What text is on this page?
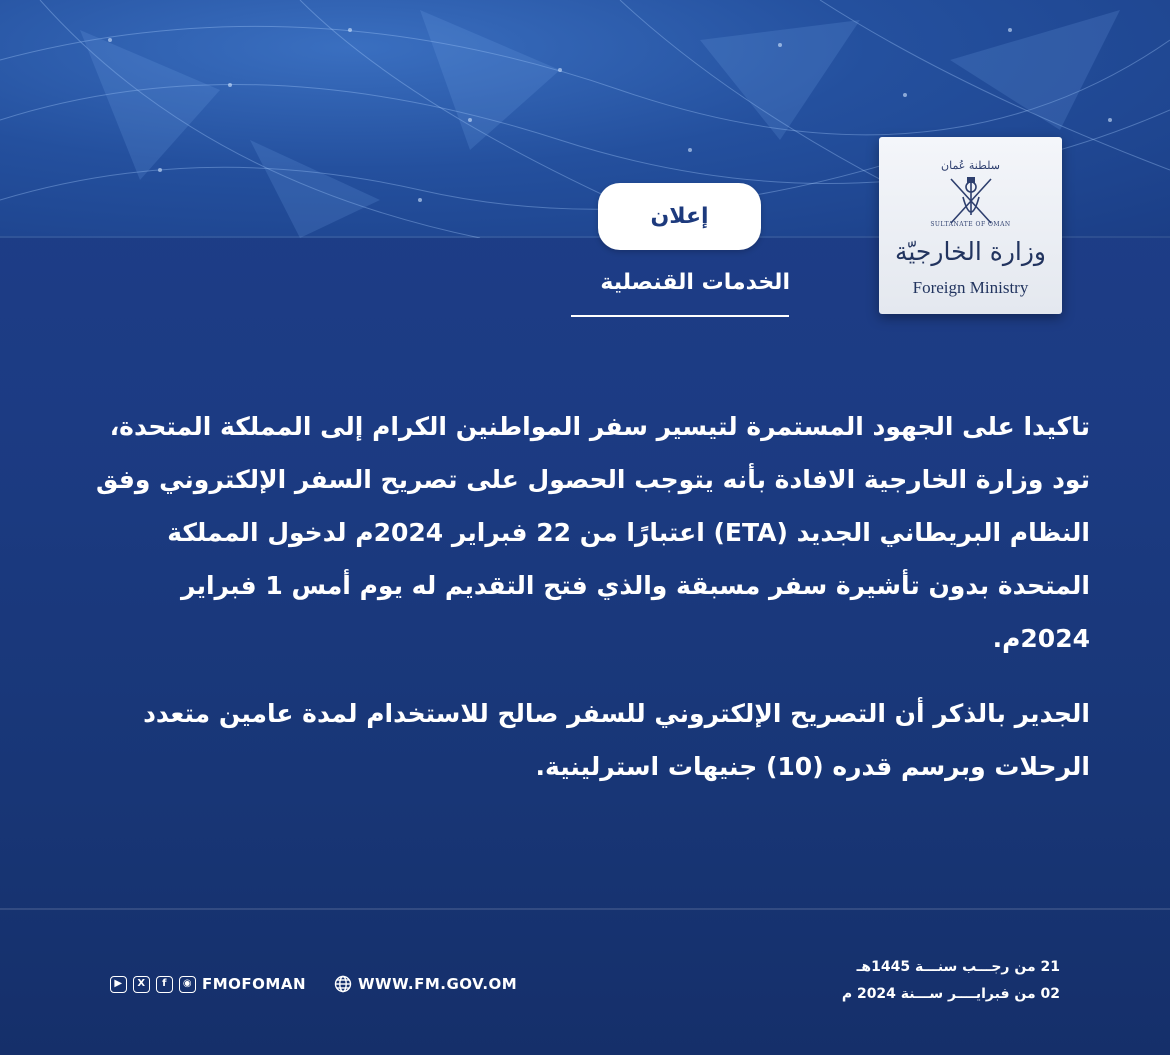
سلطنة عُمان
SULTANATE OF OMAN
وزارة الخارجيّة
Foreign Ministry
إعلان
الخدمات القنصلية

تاكيدا على الجهود المستمرة لتيسير سفر المواطنين الكرام إلى المملكة المتحدة، تود وزارة الخارجية الافادة بأنه يتوجب الحصول على تصريح السفر الإلكتروني وفق النظام البريطاني الجديد (ETA) اعتبارًا من 22 فبراير 2024م لدخول المملكة المتحدة بدون تأشيرة سفر مسبقة والذي فتح التقديم له يوم أمس 1 فبراير 2024م.

الجدير بالذكر أن التصريح الإلكتروني للسفر صالح للاستخدام لمدة عامين متعدد الرحلات وبرسم قدره (10) جنيهات استرلينية.

▶	X	f	◉ FMOFOMAN	WWW.FM.GOV.OM
21 من رجـــب سنـــة 1445هـ
02 من فبرايــــر ســـنة 2024 م
